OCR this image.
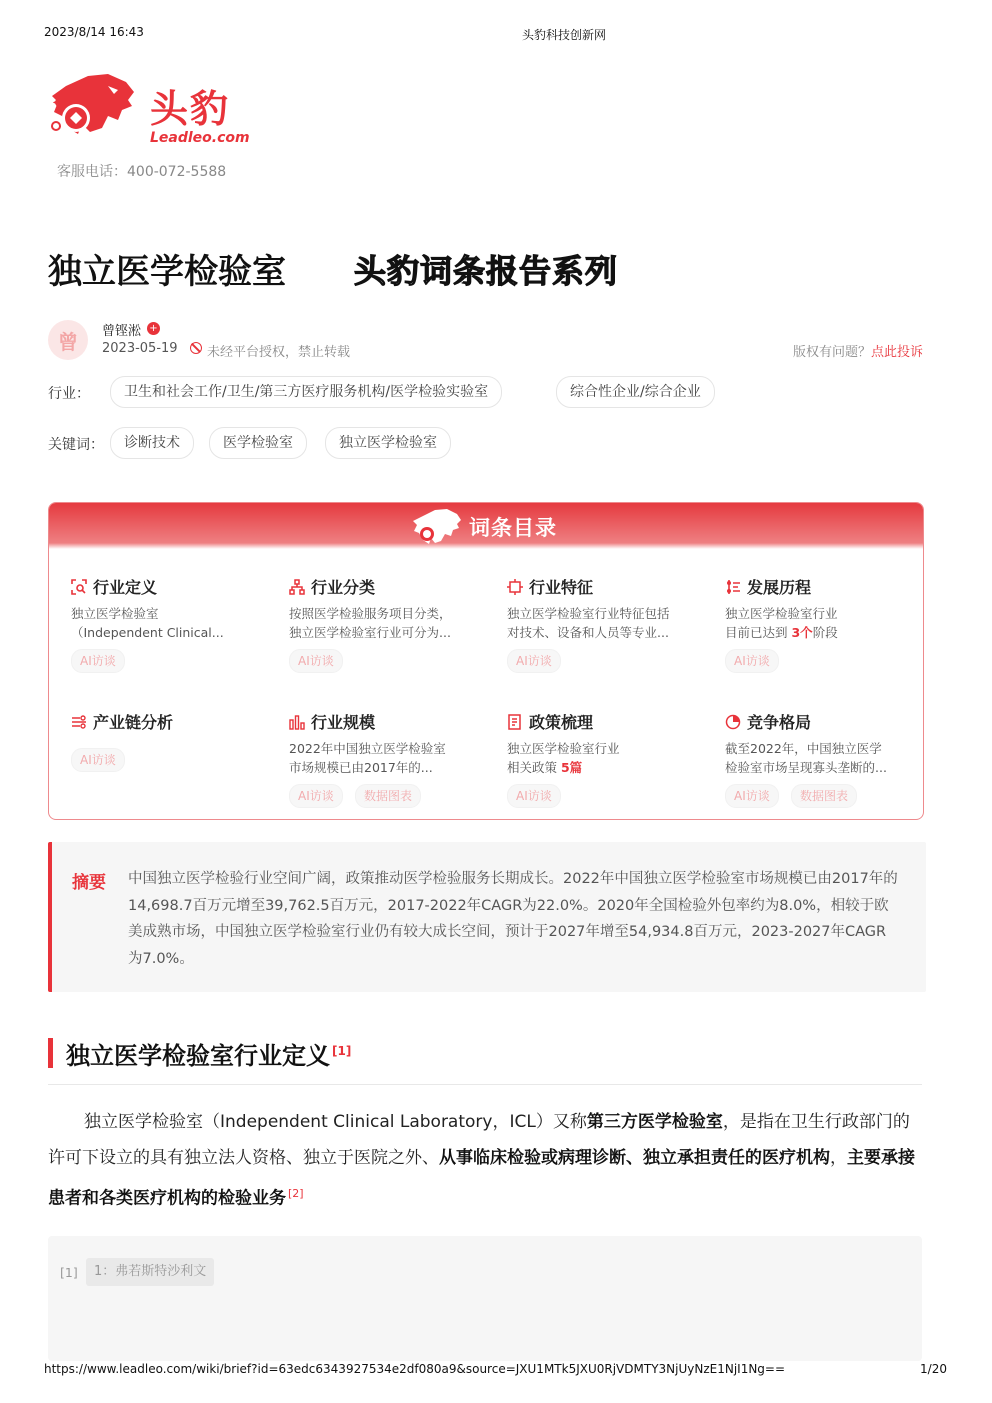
2023/8/14 16:43	头豹科技创新网
头豹
Leadleo.com
客服电话：400-072-5588
独立医学检验室 头豹词条报告系列
曾	曾铿淞 +
2023-05-19 未经平台授权，禁止转载	版权有问题？点此投诉
行业：	卫生和社会工作/卫生/第三方医疗服务机构/医学检验实验室	综合性企业/综合企业
关键词：	诊断技术	医学检验室	独立医学检验室
词条目录
行业定义
独立医学检验室
（Independent Clinical...
AI访谈
行业分类
按照医学检验服务项目分类，
独立医学检验室行业可分为...
AI访谈
行业特征
独立医学检验室行业特征包括
对技术、设备和人员等专业...
AI访谈
发展历程
独立医学检验室行业
目前已达到 3个阶段
AI访谈
产业链分析
AI访谈
行业规模
2022年中国独立医学检验室
市场规模已由2017年的...
AI访谈	数据图表
政策梳理
独立医学检验室行业
相关政策 5篇
AI访谈
竞争格局
截至2022年，中国独立医学
检验室市场呈现寡头垄断的...
AI访谈	数据图表
摘要 中国独立医学检验行业空间广阔，政策推动医学检验服务长期成长。2022年中国独立医学检验室市场规模已由2017年的14,698.7百万元增至39,762.5百万元，2017-2022年CAGR为22.0%。2020年全国检验外包率约为8.0%，相较于欧美成熟市场，中国独立医学检验室行业仍有较大成长空间，预计于2027年增至54,934.8百万元，2023-2027年CAGR为7.0%。
独立医学检验室行业定义 [1]
独立医学检验室（Independent Clinical Laboratory，ICL）又称第三方医学检验室，是指在卫生行政部门的许可下设立的具有独立法人资格、独立于医院之外、从事临床检验或病理诊断、独立承担责任的医疗机构，主要承接患者和各类医疗机构的检验业务 [2]
[1]	1：弗若斯特沙利文
https://www.leadleo.com/wiki/brief?id=63edc6343927534e2df080a9&source=JXU1MTk5JXU0RjVDMTY3NjUyNzE1NjI1Ng==	1/20
